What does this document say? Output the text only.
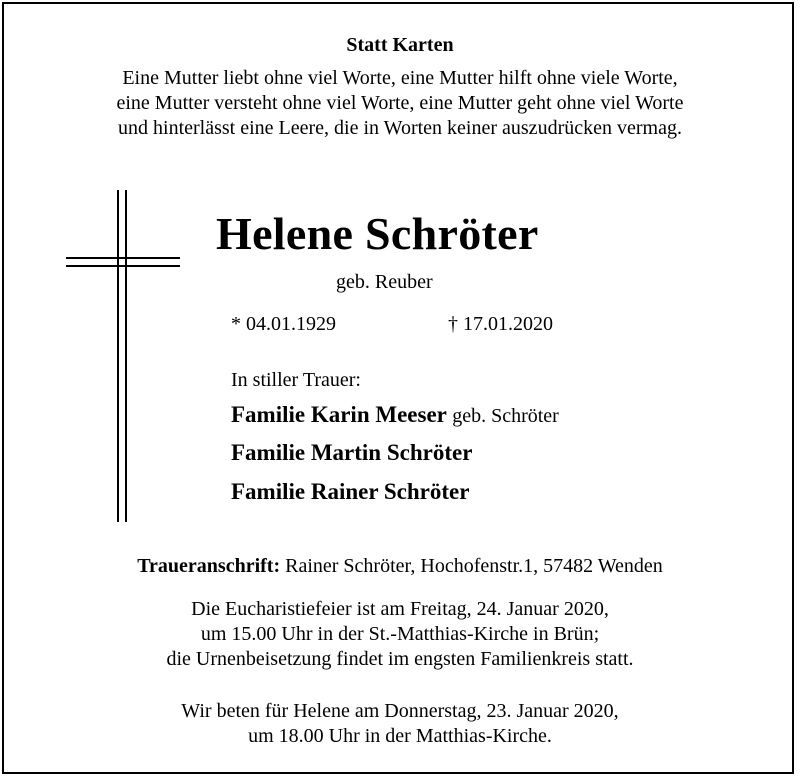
Statt Karten
Eine Mutter liebt ohne viel Worte, eine Mutter hilft ohne viele Worte,
eine Mutter versteht ohne viel Worte, eine Mutter geht ohne viel Worte
und hinterlässt eine Leere, die in Worten keiner auszudrücken vermag.
Helene Schröter
geb. Reuber
* 04.01.1929	† 17.01.2020
In stiller Trauer:
Familie Karin Meeser geb. Schröter
Familie Martin Schröter
Familie Rainer Schröter
Traueranschrift: Rainer Schröter, Hochofenstr.1, 57482 Wenden
Die Eucharistiefeier ist am Freitag, 24. Januar 2020,
um 15.00 Uhr in der St.-Matthias-Kirche in Brün;
die Urnenbeisetzung findet im engsten Familienkreis statt.
Wir beten für Helene am Donnerstag, 23. Januar 2020,
um 18.00 Uhr in der Matthias-Kirche.
